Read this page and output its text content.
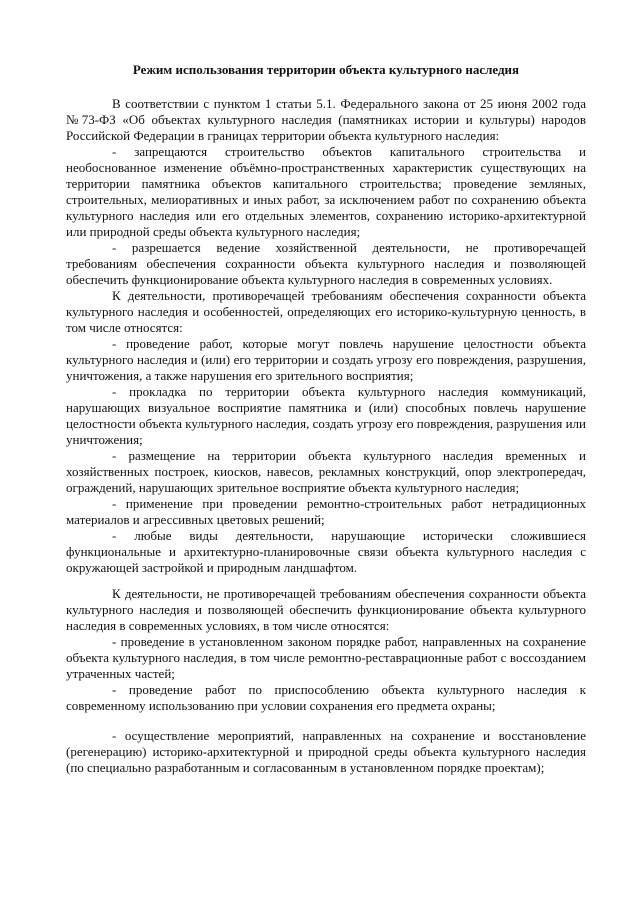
Режим использования территории объекта культурного наследия

В соответствии с пунктом 1 статьи 5.1. Федерального закона от 25 июня 2002 года №73-ФЗ «Об объектах культурного наследия (памятниках истории и культуры) народов Российской Федерации в границах территории объекта культурного наследия:

- запрещаются строительство объектов капитального строительства и необоснованное изменение объёмно-пространственных характеристик существующих на территории памятника объектов капитального строительства; проведение земляных, строительных, мелиоративных и иных работ, за исключением работ по сохранению объекта культурного наследия или его отдельных элементов, сохранению историко-архитектурной или природной среды объекта культурного наследия;

- разрешается ведение хозяйственной деятельности, не противоречащей требованиям обеспечения сохранности объекта культурного наследия и позволяющей обеспечить функционирование объекта культурного наследия в современных условиях.

К деятельности, противоречащей требованиям обеспечения сохранности объекта культурного наследия и особенностей, определяющих его историко-культурную ценность, в том числе относятся:

- проведение работ, которые могут повлечь нарушение целостности объекта культурного наследия и (или) его территории и создать угрозу его повреждения, разрушения, уничтожения, а также нарушения его зрительного восприятия;

- прокладка по территории объекта культурного наследия коммуникаций, нарушающих визуальное восприятие памятника и (или) способных повлечь нарушение целостности объекта культурного наследия, создать угрозу его повреждения, разрушения или уничтожения;

- размещение на территории объекта культурного наследия временных и хозяйственных построек, киосков, навесов, рекламных конструкций, опор электропередач, ограждений, нарушающих зрительное восприятие объекта культурного наследия;

- применение при проведении ремонтно-строительных работ нетрадиционных материалов и агрессивных цветовых решений;

- любые виды деятельности, нарушающие исторически сложившиеся функциональные и архитектурно-планировочные связи объекта культурного наследия с окружающей застройкой и природным ландшафтом.

К деятельности, не противоречащей требованиям обеспечения сохранности объекта культурного наследия и позволяющей обеспечить функционирование объекта культурного наследия в современных условиях, в том числе относятся:

- проведение в установленном законом порядке работ, направленных на сохранение объекта культурного наследия, в том числе ремонтно-реставрационные работ с воссозданием утраченных частей;

- проведение работ по приспособлению объекта культурного наследия к современному использованию при условии сохранения его предмета охраны;

- осуществление мероприятий, направленных на сохранение и восстановление (регенерацию) историко-архитектурной и природной среды объекта культурного наследия (по специально разработанным и согласованным в установленном порядке проектам);
